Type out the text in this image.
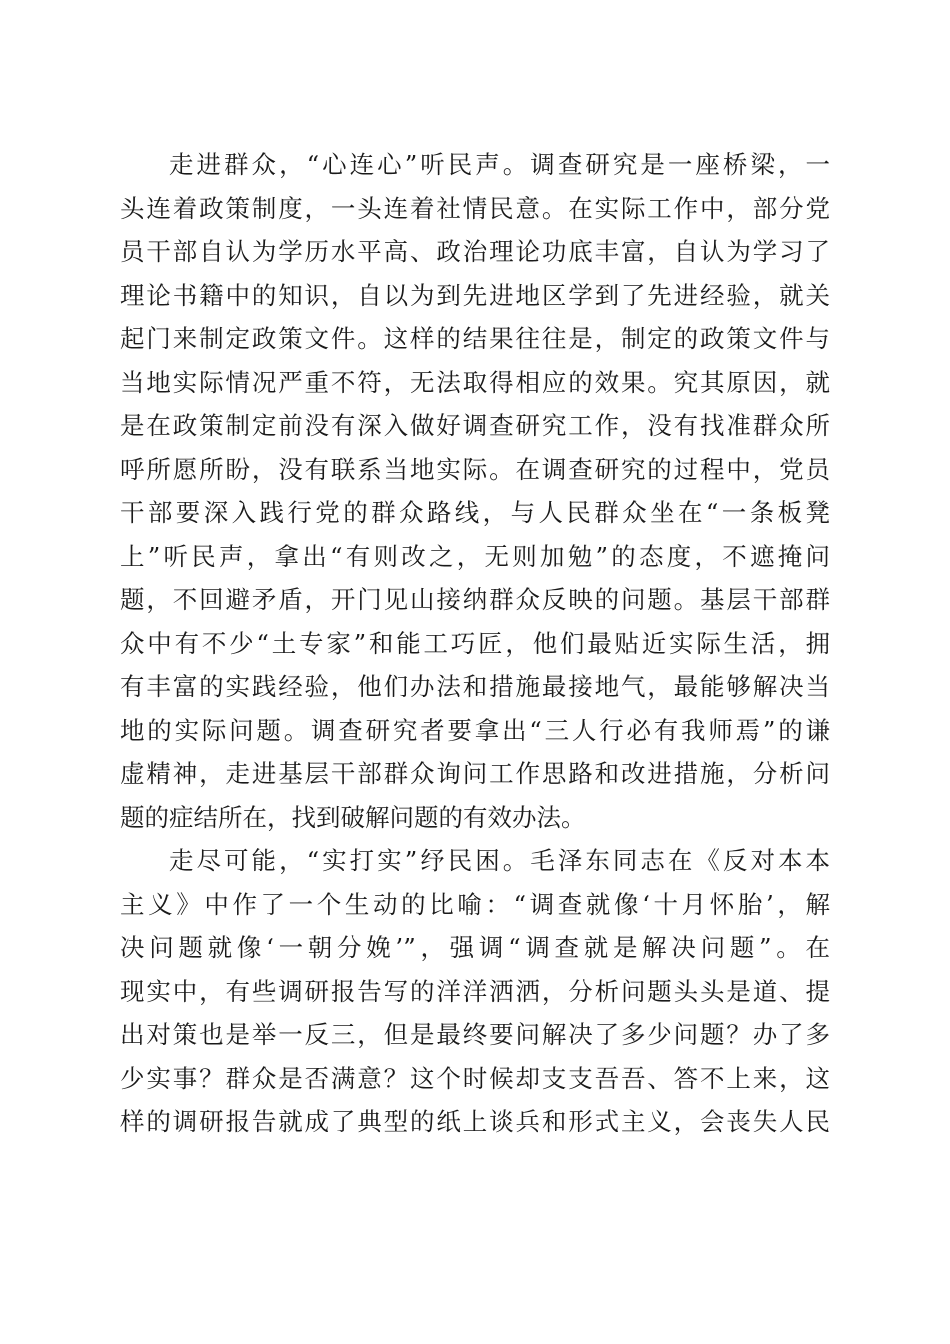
走进群众，“心连心”听民声。调查研究是一座桥梁，一
头连着政策制度，一头连着社情民意。在实际工作中，部分党
员干部自认为学历水平高、政治理论功底丰富，自认为学习了
理论书籍中的知识，自以为到先进地区学到了先进经验，就关
起门来制定政策文件。这样的结果往往是，制定的政策文件与
当地实际情况严重不符，无法取得相应的效果。究其原因，就
是在政策制定前没有深入做好调查研究工作，没有找准群众所
呼所愿所盼，没有联系当地实际。在调查研究的过程中，党员
干部要深入践行党的群众路线，与人民群众坐在“一条板凳
上”听民声，拿出“有则改之，无则加勉”的态度，不遮掩问
题，不回避矛盾，开门见山接纳群众反映的问题。基层干部群
众中有不少“土专家”和能工巧匠，他们最贴近实际生活，拥
有丰富的实践经验，他们办法和措施最接地气，最能够解决当
地的实际问题。调查研究者要拿出“三人行必有我师焉”的谦
虚精神，走进基层干部群众询问工作思路和改进措施，分析问
题的症结所在，找到破解问题的有效办法。
走尽可能，“实打实”纾民困。毛泽东同志在《反对本本
主义》中作了一个生动的比喻：“调查就像‘十月怀胎’，解
决问题就像‘一朝分娩’”，强调“调查就是解决问题”。在
现实中，有些调研报告写的洋洋洒洒，分析问题头头是道、提
出对策也是举一反三，但是最终要问解决了多少问题？办了多
少实事？群众是否满意？这个时候却支支吾吾、答不上来，这
样的调研报告就成了典型的纸上谈兵和形式主义，会丧失人民
